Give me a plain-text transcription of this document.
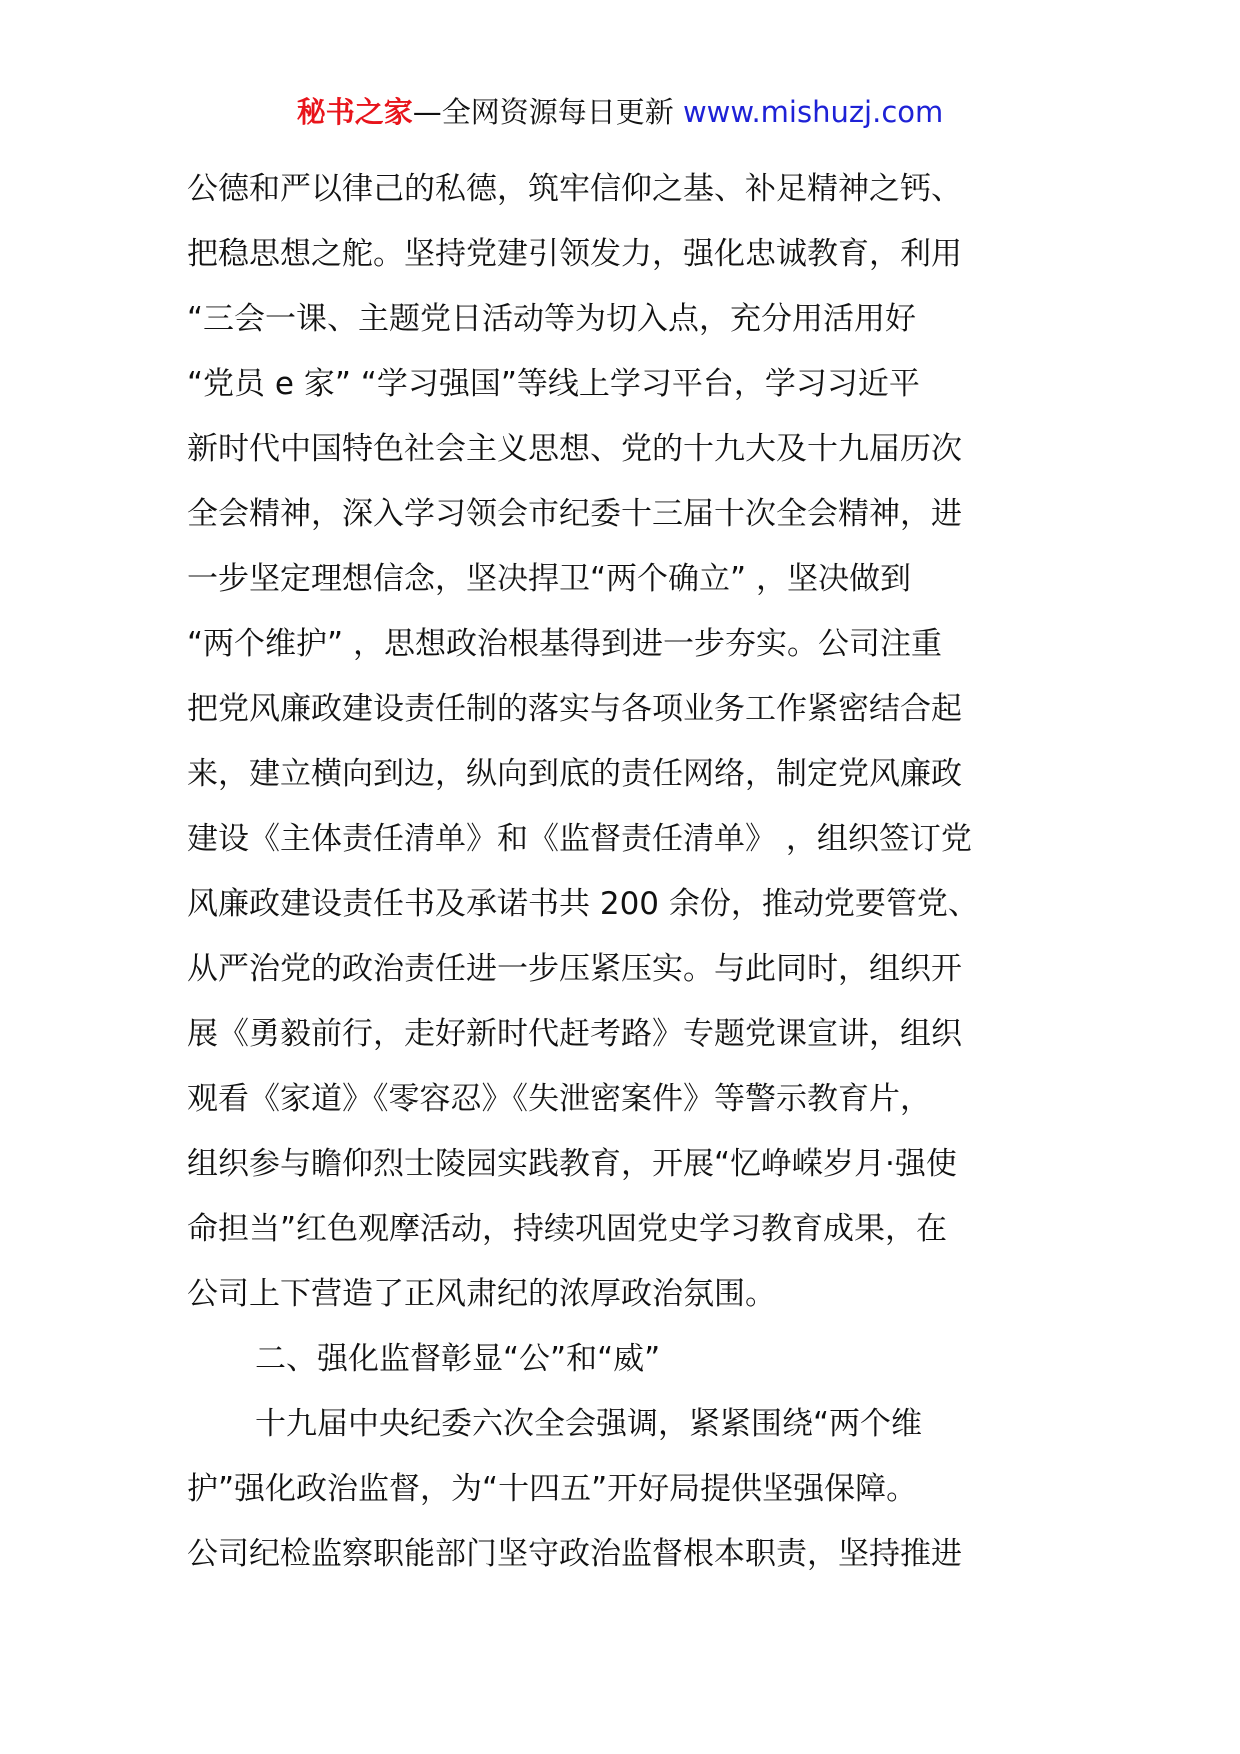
秘书之家—全网资源每日更新 www.mishuzj.com
公德和严以律己的私德，筑牢信仰之基、补足精神之钙、
把稳思想之舵。坚持党建引领发力，强化忠诚教育，利用
“三会一课、主题党日活动等为切入点，充分用活用好
“党员 e 家” “学习强国”等线上学习平台，学习习近平
新时代中国特色社会主义思想、党的十九大及十九届历次
全会精神，深入学习领会市纪委十三届十次全会精神，进
一步坚定理想信念，坚决捍卫“两个确立” ，坚决做到
“两个维护” ，思想政治根基得到进一步夯实。公司注重
把党风廉政建设责任制的落实与各项业务工作紧密结合起
来，建立横向到边，纵向到底的责任网络，制定党风廉政
建设《主体责任清单》和《监督责任清单》 ，组织签订党
风廉政建设责任书及承诺书共 200 余份，推动党要管党、
从严治党的政治责任进一步压紧压实。与此同时，组织开
展《勇毅前行，走好新时代赶考路》专题党课宣讲，组织
观看《家道》《零容忍》《失泄密案件》等警示教育片，
组织参与瞻仰烈士陵园实践教育，开展“忆峥嵘岁月·强使
命担当”红色观摩活动，持续巩固党史学习教育成果，在
公司上下营造了正风肃纪的浓厚政治氛围。
二、强化监督彰显“公”和“威”
十九届中央纪委六次全会强调，紧紧围绕“两个维
护”强化政治监督，为“十四五”开好局提供坚强保障。
公司纪检监察职能部门坚守政治监督根本职责，坚持推进
